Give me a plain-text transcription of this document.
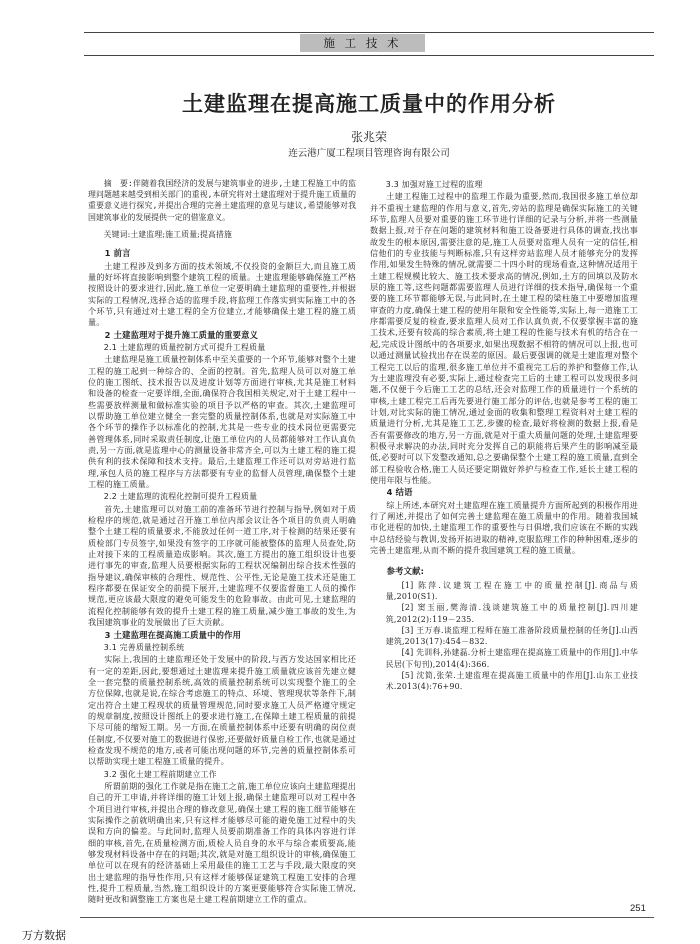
施 工 技 术
土建监理在提高施工质量中的作用分析
张兆荣
连云港广厦工程项目管理咨询有限公司

摘　要:伴随着我国经济的发展与建筑事业的进步,土建工程施工中的监理问题越来越受到相关部门的重视,本研究将对土建监理对于提升施工质量的重要意义进行探究,并提出合理的完善土建监理的意见与建议,希望能够对我国建筑事业的发展提供一定的借鉴意义。

关键词:土建监理;施工质量;提高措施

1 前言

土建工程涉及到多方面的技术领域,不仅投资的金额巨大,而且施工质量的好坏将直接影响到整个建筑工程的质量。土建监理能够确保施工严格按照设计的要求进行,因此,施工单位一定要明确土建监理的重要性,并根据实际的工程情况,选择合适的监理手段,将监理工作落实到实际施工中的各个环节,只有通过对土建工程的全方位建立,才能够确保土建工程的施工质量。

2 土建监理对于提升施工质量的重要意义

2.1 土建监理的质量控制方式可提升工程质量

土建监理是施工质量控制体系中至关重要的一个环节,能够对整个土建工程的施工起到一种综合的、全面的控制。首先,监理人员可以对施工单位的施工图纸、技术报告以及进度计划等方面进行审核,尤其是施工材料和设备的检查一定要详细,全面,确保符合我国相关规定,对于土建工程中一些需要放样测量和做标准实验的项目予以严格的审查。其次,土建监理可以帮助施工单位建立健全一套完整的质量控制体系,也就是对实际施工中各个环节的操作予以标准化的控制,尤其是一些专业的技术岗位更需要完善管理体系,同时采取责任制度,让施工单位内的人员都能够对工作认真负责,另一方面,就是监理中心的测量设备非常齐全,可以为土建工程的施工提供有利的技术保障和技术支持。最后,土建监理工作还可以对旁站进行监理,承包人员的施工程序与方法都要有专业的监督人员管理,确保整个土建工程的施工质量。

2.2 土建监理的流程化控制可提升工程质量

首先,土建监理可以对施工前的准备环节进行控制与指导,例如对于质检程序的规范,就是通过召开施工单位内部会议让各个项目的负责人明确整个土建工程的质量要求,不能放过任何一道工序,对于检测的结果还要有质检部门专员签字,如果没有签字的工序就可能被整体的监理人员查处,防止对接下来的工程质量造成影响。其次,施工方提出的施工组织设计也要进行事先的审查,监理人员要根据实际的工程状况编制出综合技术性强的指导建议,确保审核的合理性、规范性、公平性,无论是施工技术还是施工程序都要在保证安全的前提下展开,土建监理不仅要监督施工人员的操作规范,更应该最大限度的避免可能发生的危险事故。由此可见,土建监理的流程化控制能够有效的提升土建工程的施工质量,减少施工事故的发生,为我国建筑事业的发展做出了巨大贡献。

3 土建监理在提高施工质量中的作用

3.1 完善质量控制系统

实际上,我国的土建监理还处于发展中的阶段,与西方发达国家相比还有一定的差距,因此,要想通过土建监理来提升施工质量就应该首先建立健全一套完整的质量控制系统,高效的质量控制系统可以实现整个施工的全方位保障,也就是说,在综合考虑施工的特点、环境、管理现状等条件下,制定出符合土建工程现状的质量管理规范,同时要求施工人员严格遵守规定的规章制度,按照设计图纸上的要求进行施工,在保障土建工程质量的前提下尽可能的缩短工期。另一方面,在质量控制体系中还要有明确的岗位责任制度,不仅要对施工的数据进行保密,还要做好质量自检工作,也就是通过检查发现不规范的地方,或者可能出现问题的环节,完善的质量控制体系可以帮助实现土建工程施工质量的提升。

3.2 强化土建工程前期建立工作

所谓前期的强化工作就是指在施工之前,施工单位应该向土建监理提出自己的开工申请,并将详细的施工计划上报,确保土建监理可以对工程中各个项目进行审核,并提出合理的修改意见,确保土建工程的施工细节能够在实际操作之前就明确出来,只有这样才能够尽可能的避免施工过程中的失误和方向的偏差。与此同时,监理人员要前期准备工作的具体内容进行详细的审核,首先,在质量检测方面,质检人员自身的水平与综合素质要高,能够发现材料设备中存在的问题;其次,就是对施工组织设计的审核,确保施工单位可以在现有的经济基础上采用最佳的施工工艺与手段,最大限度的突出土建监理的指导性作用,只有这样才能够保证建筑工程施工安排的合理性,提升工程质量,当然,施工组织设计的方案更要能够符合实际施工情况,随时更改和调整施工方案也是土建工程前期建立工作的重点。

3.3 加强对施工过程的监理

土建工程施工过程中的监理工作最为重要,然而,我国很多施工单位却并不重视土建监理的作用与意义,首先,旁站的监理是确保实际施工的关键环节,监理人员要对重要的施工环节进行详细的记录与分析,并将一些测量数据上报,对于存在问题的建筑材料和施工设备要进行具体的调查,找出事故发生的根本原因,需要注意的是,施工人员要对监理人员有一定的信任,相信他们的专业技能与判断标准,只有这样旁站监理人员才能够充分的发挥作用,如果发生特殊的情况,就需要二十四小时的现场看查,这种情况适用于土建工程规模比较大、施工技术要求高的情况,例如,土方的回填以及防水层的施工等,这些问题都需要监理人员进行详细的技术指导,确保每一个重要的施工环节都能够无误,与此同时,在土建工程的梁柱施工中要增加监理审查的力度,确保土建工程的使用年限和安全性能等,实际上,每一道施工工序都需要反复的检查,要求监理人员对工作认真负责,不仅要掌握丰富的施工技术,还要有较高的综合素质,将土建工程的性能与技术有机的结合在一起,完成设计图纸中的各项要求,如果出现数据不相符的情况可以上报,也可以通过测量试验找出存在误差的原因。最后要强调的就是土建监理对整个工程完工以后的监理,很多施工单位并不重视完工后的养护和整修工作,认为土建监理没有必要,实际上,通过检查完工后的土建工程可以发现很多问题,不仅便于今后施工工艺的总结,还会对监理工作的质量进行一个系统的审核,土建工程完工后再先要进行施工部分的评估,也就是参考工程的施工计划,对比实际的施工情况,通过金面的收集和整理工程资料对土建工程的质量进行分析,尤其是施工工艺,步骤的检查,最好将检测的数据上报,看是否有需要修改的地方,另一方面,就是对于重大质量问题的处理,土建监理要积极寻求解决的办法,同时充分发挥自己的职能将后果产生的影响减至最低,必要时可以下发整改通知,总之要确保整个土建工程的施工质量,直到全部工程验收合格,施工人员还要定期做好养护与检查工作,延长土建工程的使用年限与性能。

4 结语

综上所述,本研究对土建监理在施工质量提升方面所起到的积极作用进行了阐述,并提出了如何完善土建监理在施工质量中的作用。随着我国城市化进程的加快,土建监理工作的重要性与日俱增,我们应该在不断的实践中总结经验与教训,发扬开拓进取的精神,克服监理工作的种种困难,逐步的完善土建监理,从而不断的提升我国建筑工程的施工质量。

参考文献:

[1] 陈萍.议建筑工程在施工中的质量控制[J].商品与质量,2010(S1).

[2] 窦玉丽,樊海清.浅谈建筑施工中的质量控制[J].四川建筑,2012(2):119－235.

[3] 王万春.谈监理工程师在施工准备阶段质量控制的任务[J].山西建筑,2013(17):454－832.

[4] 先训科,孙建磊.分析土建监理在提高施工质量中的作用[J].中华民居(下旬刊),2014(4):366.

[5] 沈简,张荣.土建监理在提高施工质量中的作用[J].山东工业技术.2013(4):76+90.

251
万方数据
